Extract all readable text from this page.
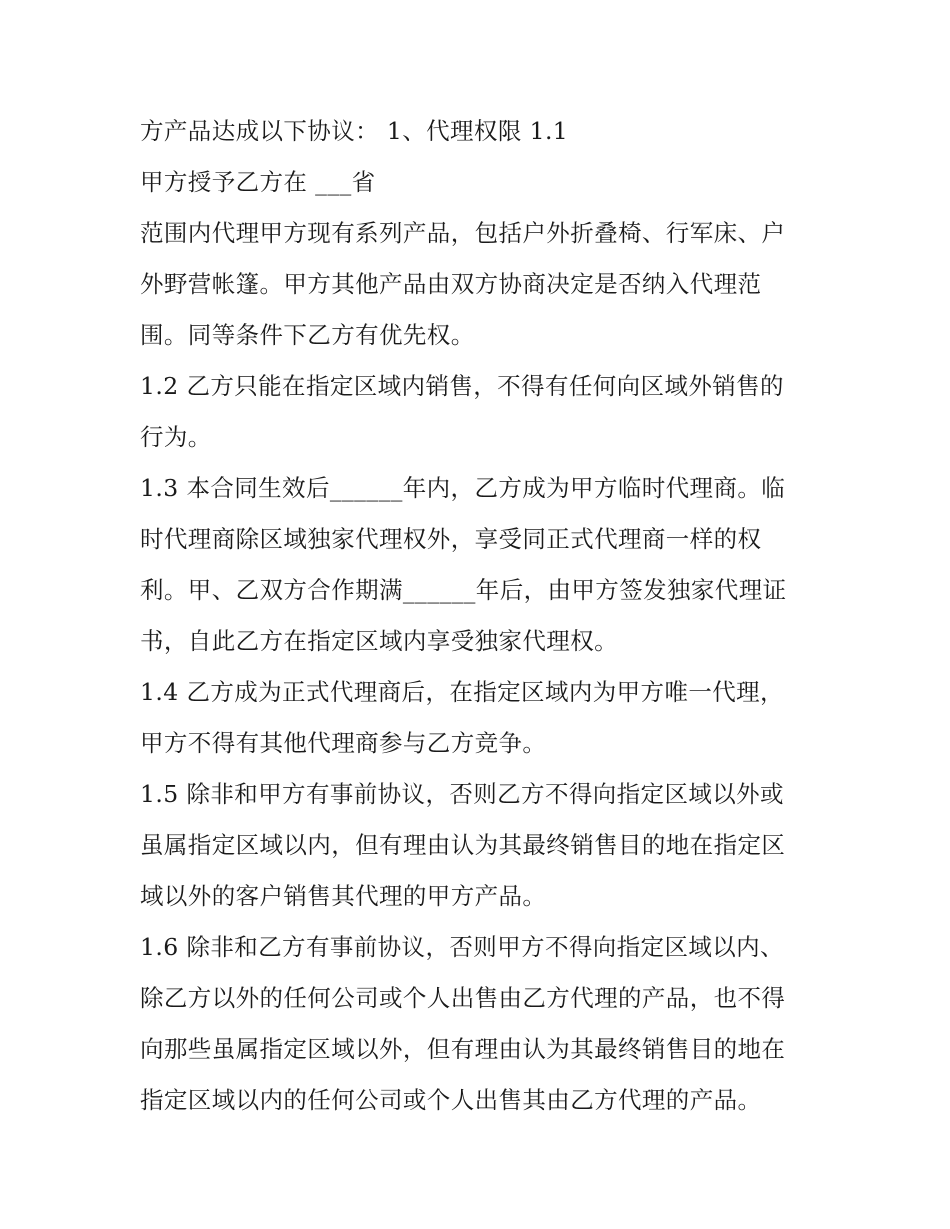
方产品达成以下协议： 1、代理权限 1.1
甲方授予乙方在 ___省
范围内代理甲方现有系列产品，包括户外折叠椅、行军床、户
外野营帐篷。甲方其他产品由双方协商决定是否纳入代理范
围。同等条件下乙方有优先权。
1.2 乙方只能在指定区域内销售，不得有任何向区域外销售的
行为。
1.3 本合同生效后______年内，乙方成为甲方临时代理商。临
时代理商除区域独家代理权外，享受同正式代理商一样的权
利。甲、乙双方合作期满______年后，由甲方签发独家代理证
书，自此乙方在指定区域内享受独家代理权。
1.4 乙方成为正式代理商后，在指定区域内为甲方唯一代理，
甲方不得有其他代理商参与乙方竞争。
1.5 除非和甲方有事前协议，否则乙方不得向指定区域以外或
虽属指定区域以内，但有理由认为其最终销售目的地在指定区
域以外的客户销售其代理的甲方产品。
1.6 除非和乙方有事前协议，否则甲方不得向指定区域以内、
除乙方以外的任何公司或个人出售由乙方代理的产品，也不得
向那些虽属指定区域以外，但有理由认为其最终销售目的地在
指定区域以内的任何公司或个人出售其由乙方代理的产品。
